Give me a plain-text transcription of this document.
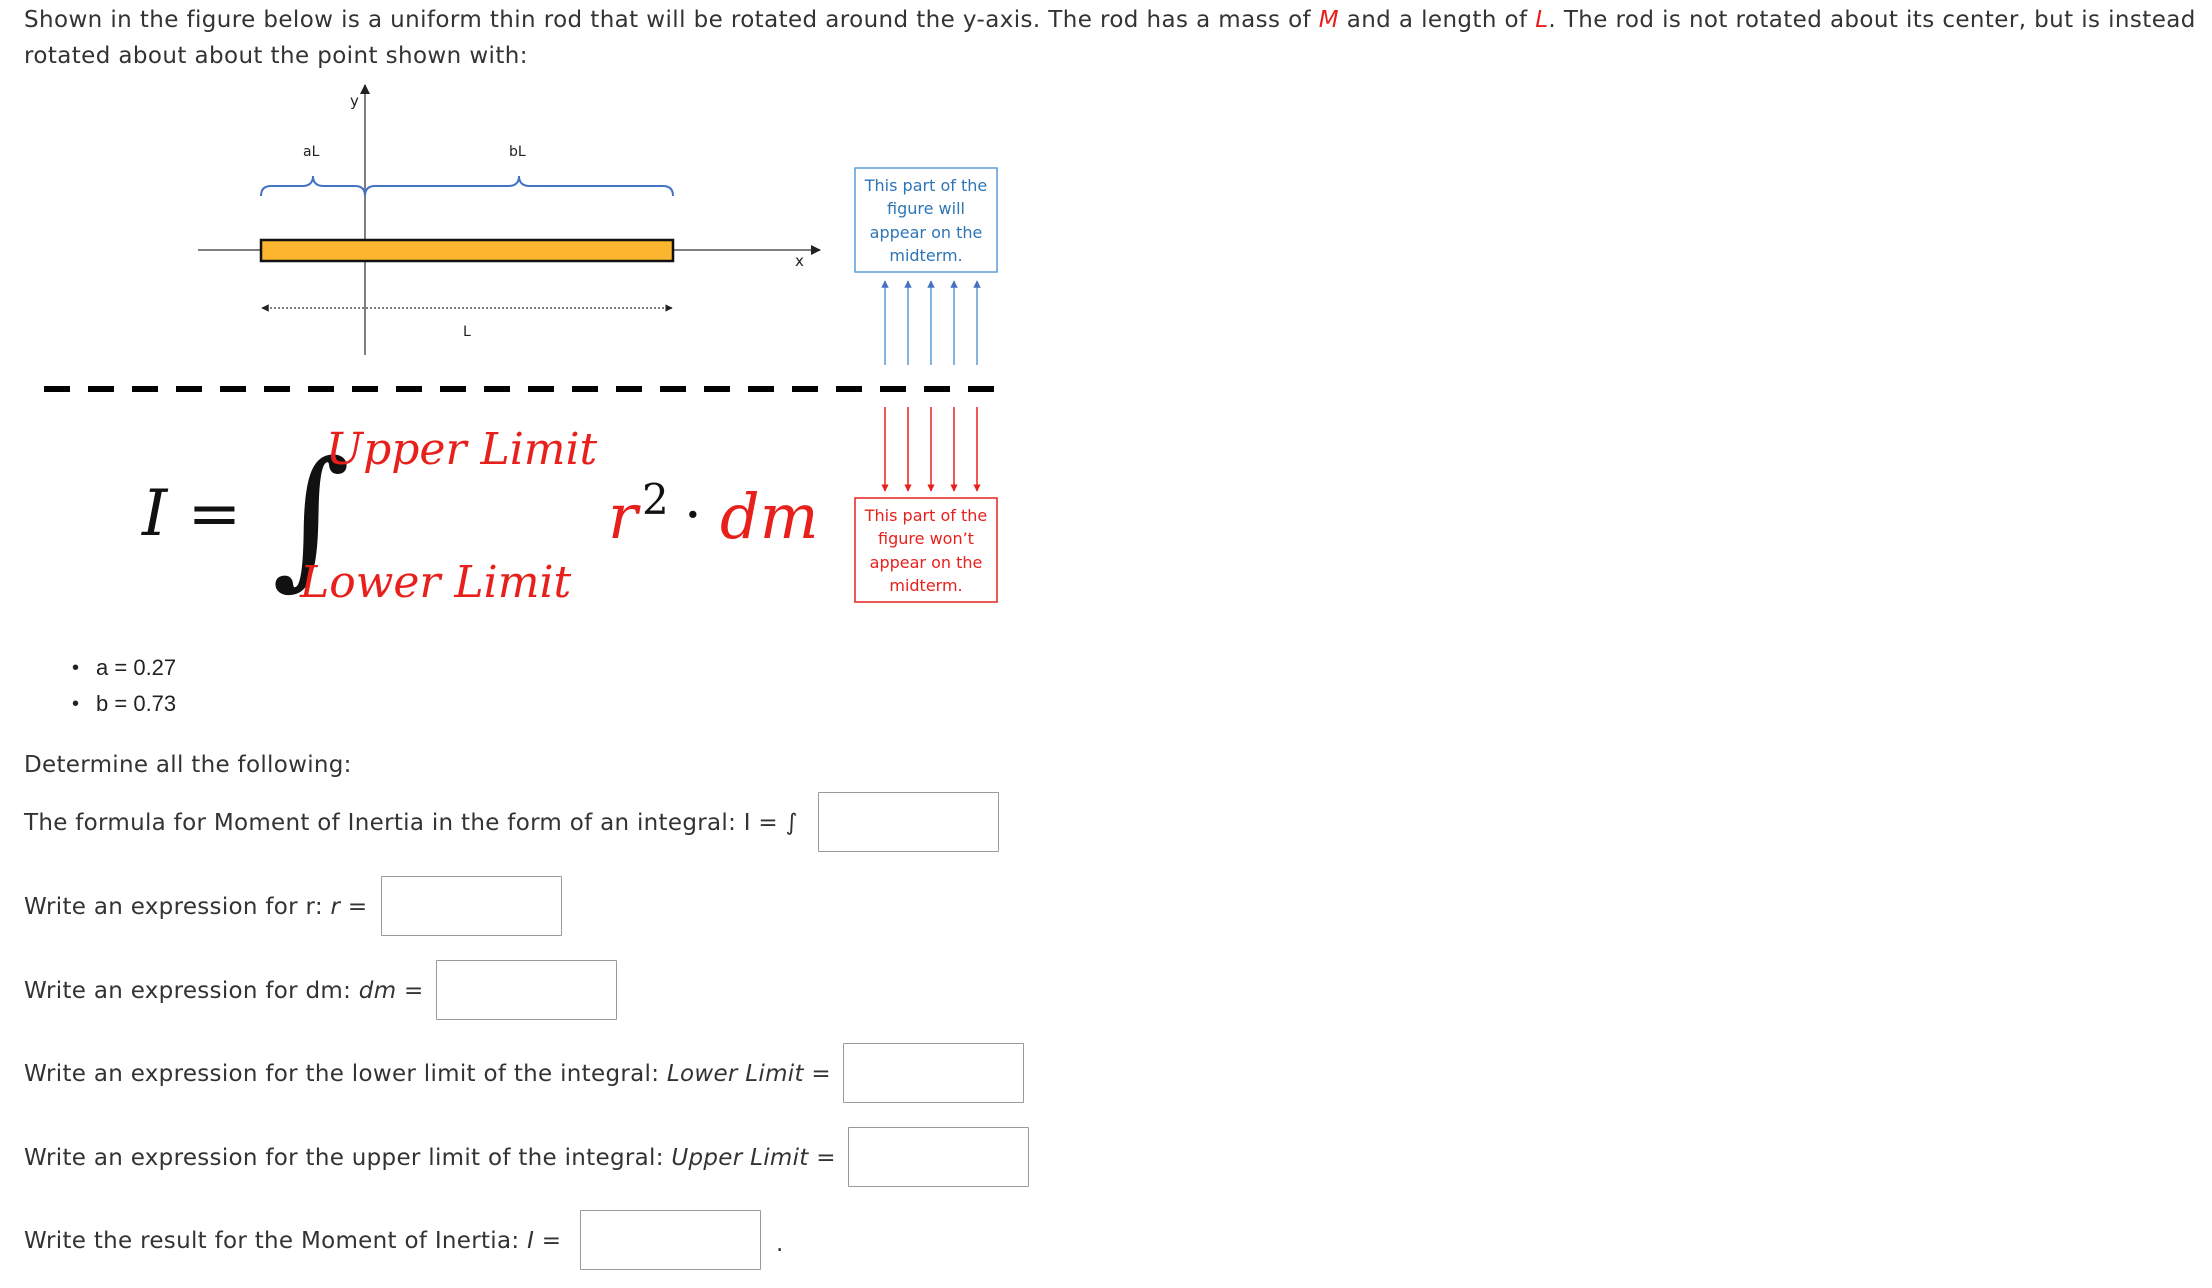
Shown in the figure below is a uniform thin rod that will be rotated around the y-axis. The rod has a mass of M and a length of L. The rod is not rotated about its center, but is instead rotated about about the point shown with:
y
x
aL	bL
L
This part of the
figure will
appear on the
midterm.
This part of the
figure won’t
appear on the
midterm.
I = ∫
Upper Limit
Lower Limit
r 2 · dm
• a = 0.27
• b = 0.73
Determine all the following:
The formula for Moment of Inertia in the form of an integral: I = ∫
Write an expression for r: r =
Write an expression for dm: dm =
Write an expression for the lower limit of the integral: Lower Limit =
Write an expression for the upper limit of the integral: Upper Limit =
Write the result for the Moment of Inertia: I =	.
